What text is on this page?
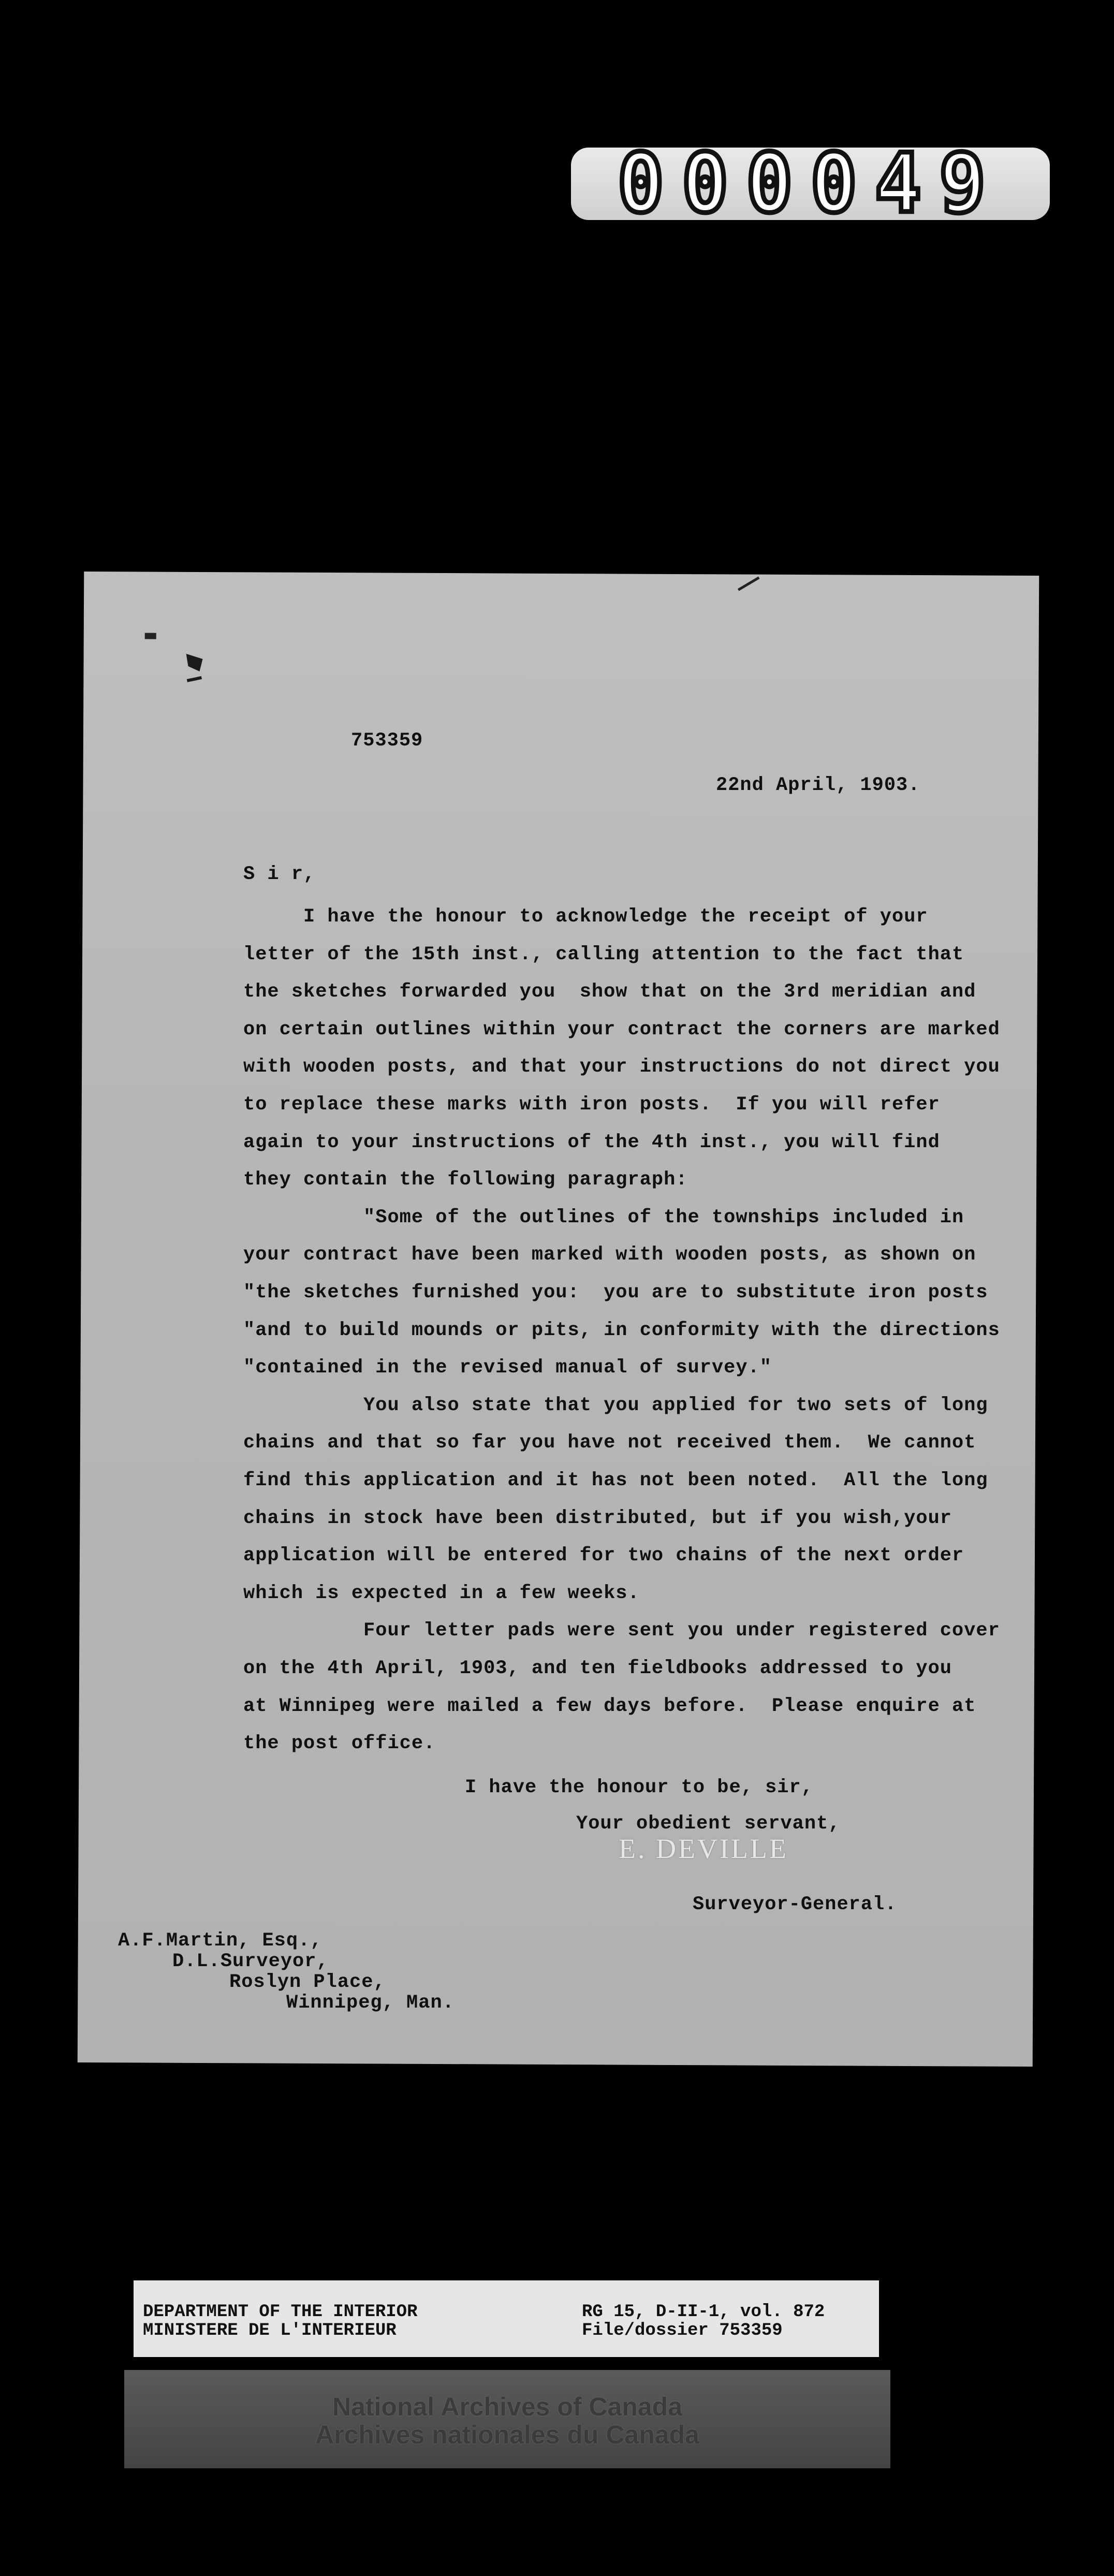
000049
753359
22nd April, 1903.
S i r,
I have the honour to acknowledge the receipt of your
letter of the 15th inst., calling attention to the fact that
the sketches forwarded you  show that on the 3rd meridian and
on certain outlines within your contract the corners are marked
with wooden posts, and that your instructions do not direct you
to replace these marks with iron posts.  If you will refer
again to your instructions of the 4th inst., you will find
they contain the following paragraph:
"Some of the outlines of the townships included in
your contract have been marked with wooden posts, as shown on
"the sketches furnished you:  you are to substitute iron posts
"and to build mounds or pits, in conformity with the directions
"contained in the revised manual of survey."
You also state that you applied for two sets of long
chains and that so far you have not received them.  We cannot
find this application and it has not been noted.  All the long
chains in stock have been distributed, but if you wish,your
application will be entered for two chains of the next order
which is expected in a few weeks.
Four letter pads were sent you under registered cover
on the 4th April, 1903, and ten fieldbooks addressed to you
at Winnipeg were mailed a few days before.  Please enquire at
the post office.
I have the honour to be, sir,
Your obedient servant,
E. DEVILLE
Surveyor-General.
A.F.Martin, Esq.,
D.L.Surveyor,
Roslyn Place,
Winnipeg, Man.
DEPARTMENT OF THE INTERIOR
MINISTERE DE L'INTERIEUR
RG 15, D-II-1, vol. 872
File/dossier 753359
National Archives of Canada
Archives nationales du Canada
